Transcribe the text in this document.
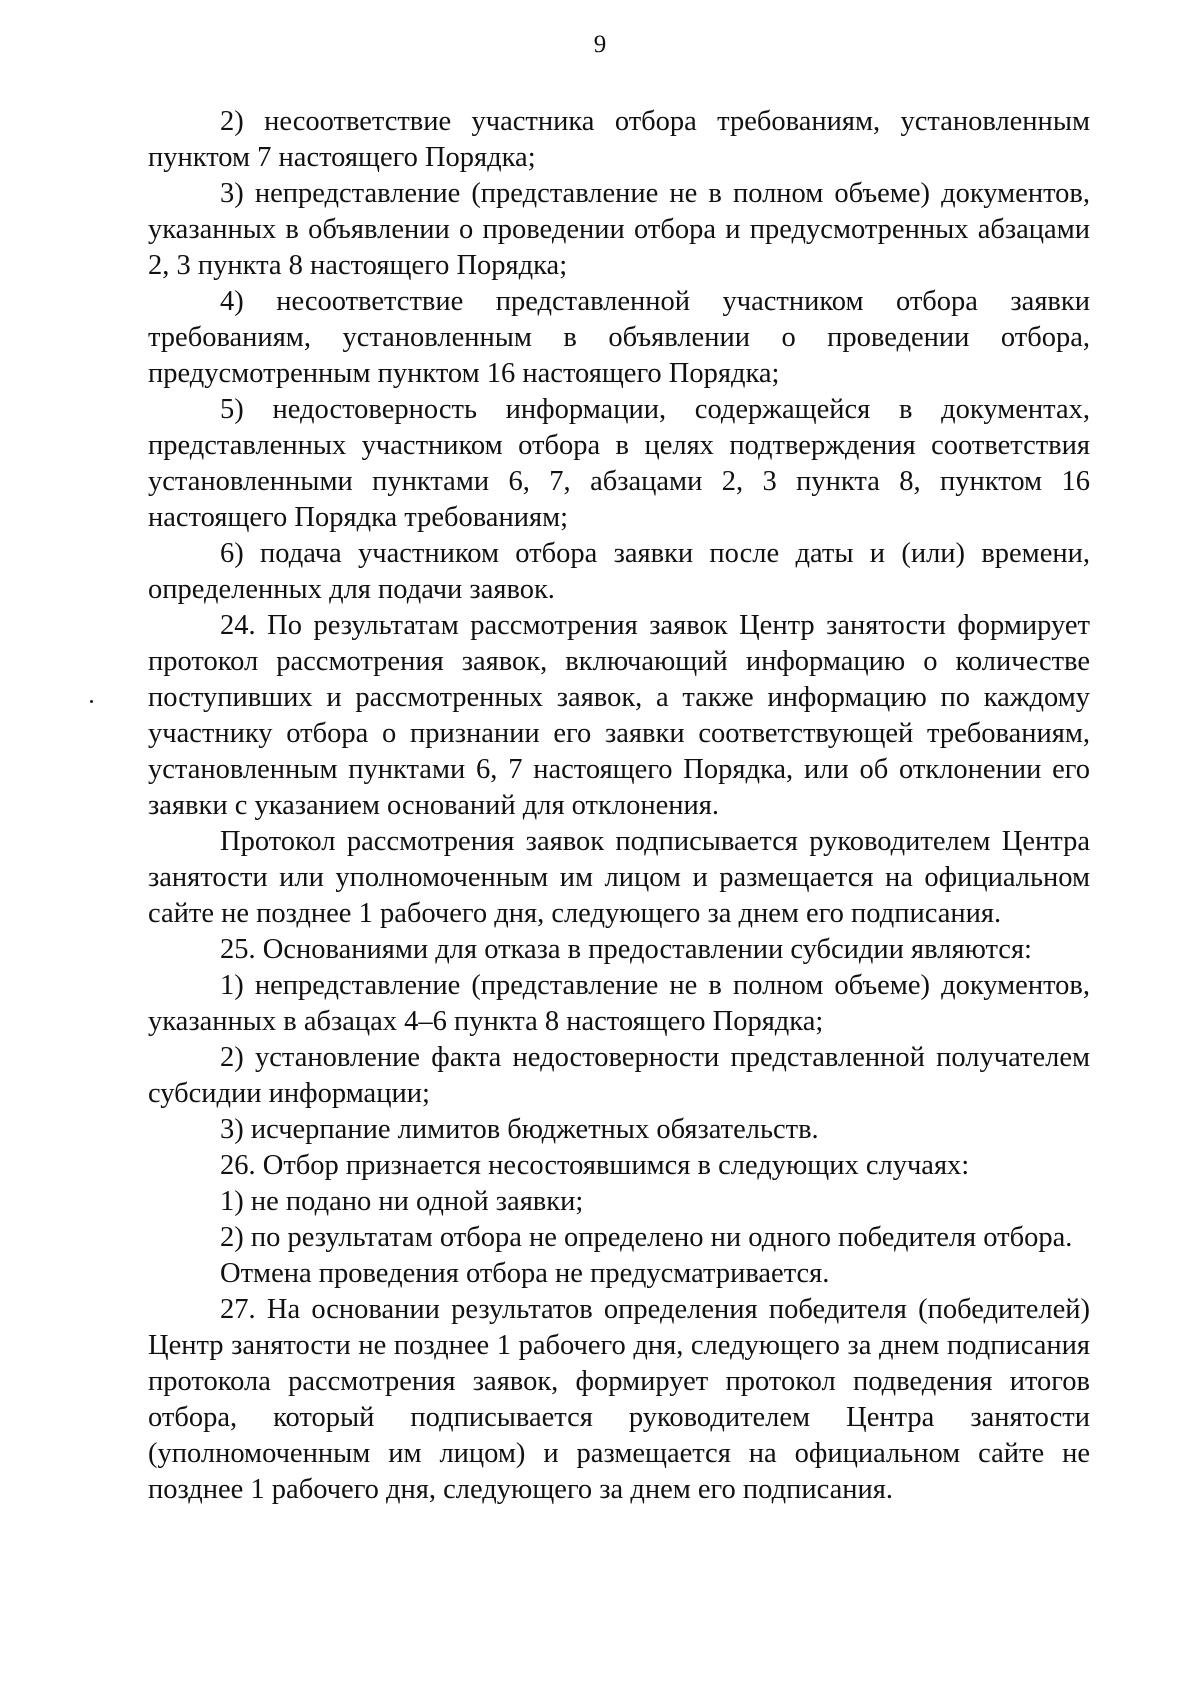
9

2) несоответствие участника отбора требованиям, установленным пунктом 7 настоящего Порядка;

3) непредставление (представление не в полном объеме) документов, указанных в объявлении о проведении отбора и предусмотренных абзацами 2, 3 пункта 8 настоящего Порядка;

4) несоответствие представленной участником отбора заявки требованиям, установленным в объявлении о проведении отбора, предусмотренным пунктом 16 настоящего Порядка;

5) недостоверность информации, содержащейся в документах, представленных участником отбора в целях подтверждения соответствия установленными пунктами 6, 7, абзацами 2, 3 пункта 8, пунктом 16 настоящего Порядка требованиям;

6) подача участником отбора заявки после даты и (или) времени, определенных для подачи заявок.

24. По результатам рассмотрения заявок Центр занятости формирует протокол рассмотрения заявок, включающий информацию о количестве поступивших и рассмотренных заявок, а также информацию по каждому участнику отбора о признании его заявки соответствующей требованиям, установленным пунктами 6, 7 настоящего Порядка, или об отклонении его заявки с указанием оснований для отклонения.

Протокол рассмотрения заявок подписывается руководителем Центра занятости или уполномоченным им лицом и размещается на официальном сайте не позднее 1 рабочего дня, следующего за днем его подписания.

25. Основаниями для отказа в предоставлении субсидии являются:

1) непредставление (представление не в полном объеме) документов, указанных в абзацах 4–6 пункта 8 настоящего Порядка;

2) установление факта недостоверности представленной получателем субсидии информации;

3) исчерпание лимитов бюджетных обязательств.

26. Отбор признается несостоявшимся в следующих случаях:

1) не подано ни одной заявки;

2) по результатам отбора не определено ни одного победителя отбора.

Отмена проведения отбора не предусматривается.

27. На основании результатов определения победителя (победителей) Центр занятости не позднее 1 рабочего дня, следующего за днем подписания протокола рассмотрения заявок, формирует протокол подведения итогов отбора, который подписывается руководителем Центра занятости (уполномоченным им лицом) и размещается на официальном сайте не позднее 1 рабочего дня, следующего за днем его подписания.
